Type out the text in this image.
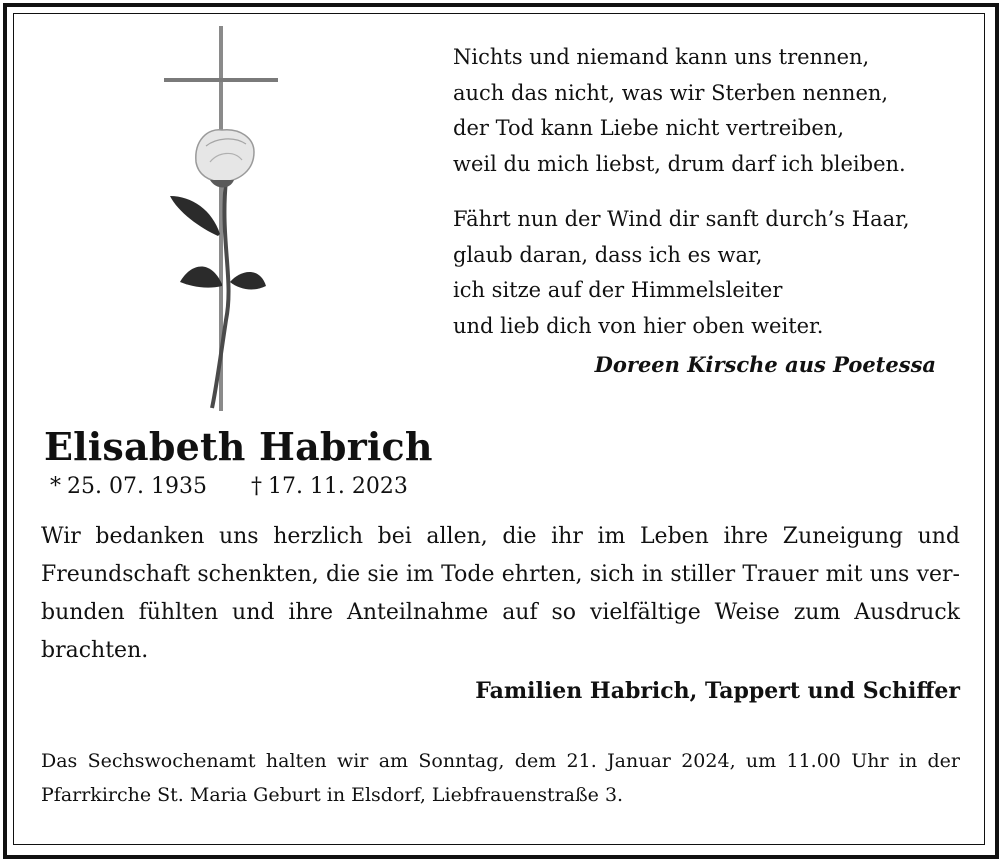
Nichts und niemand kann uns trennen,
auch das nicht, was wir Sterben nennen,
der Tod kann Liebe nicht vertreiben,
weil du mich liebst, drum darf ich bleiben.
Fährt nun der Wind dir sanft durch’s Haar,
glaub daran, dass ich es war,
ich sitze auf der Himmelsleiter
und lieb dich von hier oben weiter.
Doreen Kirsche aus Poetessa
Elisabeth Habrich
* 25. 07. 1935 † 17. 11. 2023
Wir bedanken uns herzlich bei allen, die ihr im Leben ihre Zuneigung und
Freundschaft schenkten, die sie im Tode ehrten, sich in stiller Trauer mit uns ver-
bunden fühlten und ihre Anteilnahme auf so vielfältige Weise zum Ausdruck
brachten.
Familien Habrich, Tappert und Schiffer
Das Sechswochenamt halten wir am Sonntag, dem 21. Januar 2024, um 11.00 Uhr in der
Pfarrkirche St. Maria Geburt in Elsdorf, Liebfrauenstraße 3.
